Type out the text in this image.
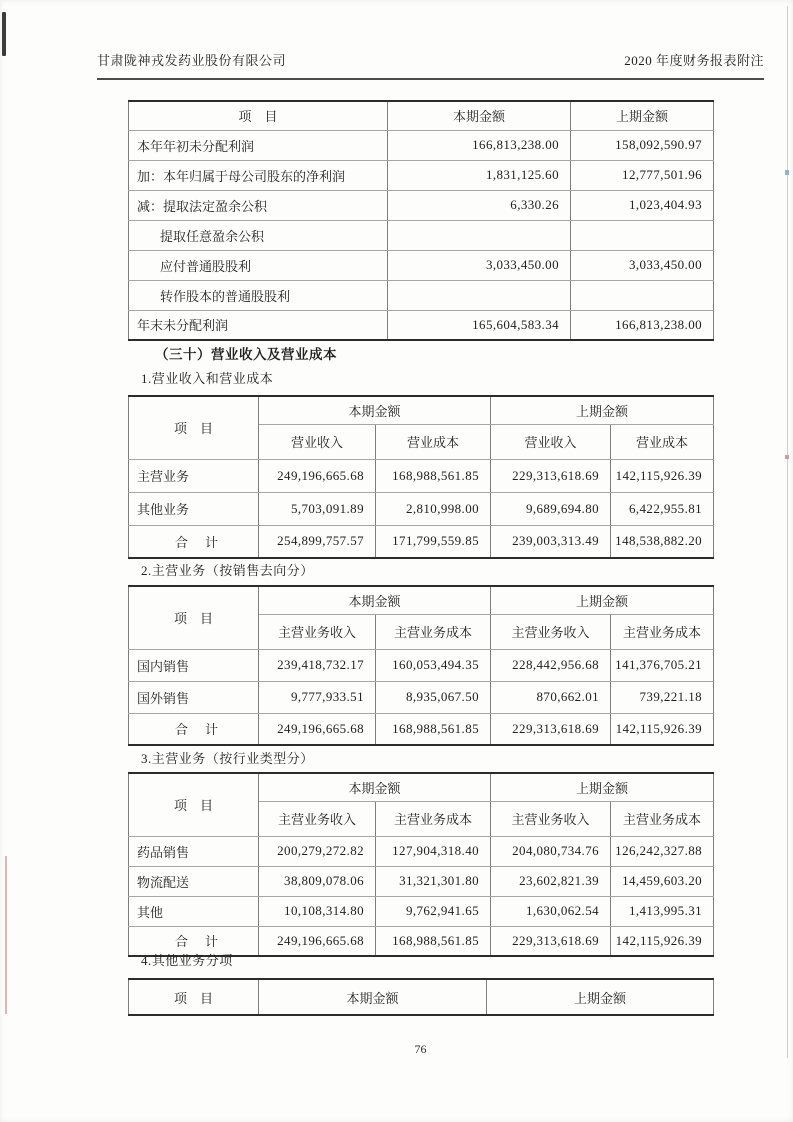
甘肃陇神戎发药业股份有限公司	2020 年度财务报表附注
项　目	本期金额	上期金额
本年年初未分配利润	166,813,238.00	158,092,590.97
加：本年归属于母公司股东的净利润	1,831,125.60	12,777,501.96
减：提取法定盈余公积	6,330.26	1,023,404.93
提取任意盈余公积		
应付普通股股利	3,033,450.00	3,033,450.00
转作股本的普通股股利		
年末未分配利润	165,604,583.34	166,813,238.00
（三十）营业收入及营业成本
1.营业收入和营业成本
项　目	本期金额		上期金额	
	营业收入	营业成本	营业收入	营业成本
主营业务	249,196,665.68	168,988,561.85	229,313,618.69	142,115,926.39
其他业务	5,703,091.89	2,810,998.00	9,689,694.80	6,422,955.81
合　计	254,899,757.57	171,799,559.85	239,003,313.49	148,538,882.20
2.主营业务（按销售去向分）
项　目	本期金额		上期金额	
	主营业务收入	主营业务成本	主营业务收入	主营业务成本
国内销售	239,418,732.17	160,053,494.35	228,442,956.68	141,376,705.21
国外销售	9,777,933.51	8,935,067.50	870,662.01	739,221.18
合　计	249,196,665.68	168,988,561.85	229,313,618.69	142,115,926.39
3.主营业务（按行业类型分）
项　目	本期金额		上期金额	
	主营业务收入	主营业务成本	主营业务收入	主营业务成本
药品销售	200,279,272.82	127,904,318.40	204,080,734.76	126,242,327.88
物流配送	38,809,078.06	31,321,301.80	23,602,821.39	14,459,603.20
其他	10,108,314.80	9,762,941.65	1,630,062.54	1,413,995.31
合　计	249,196,665.68	168,988,561.85	229,313,618.69	142,115,926.39
4.其他业务分项
项　目	本期金额	上期金额
76
